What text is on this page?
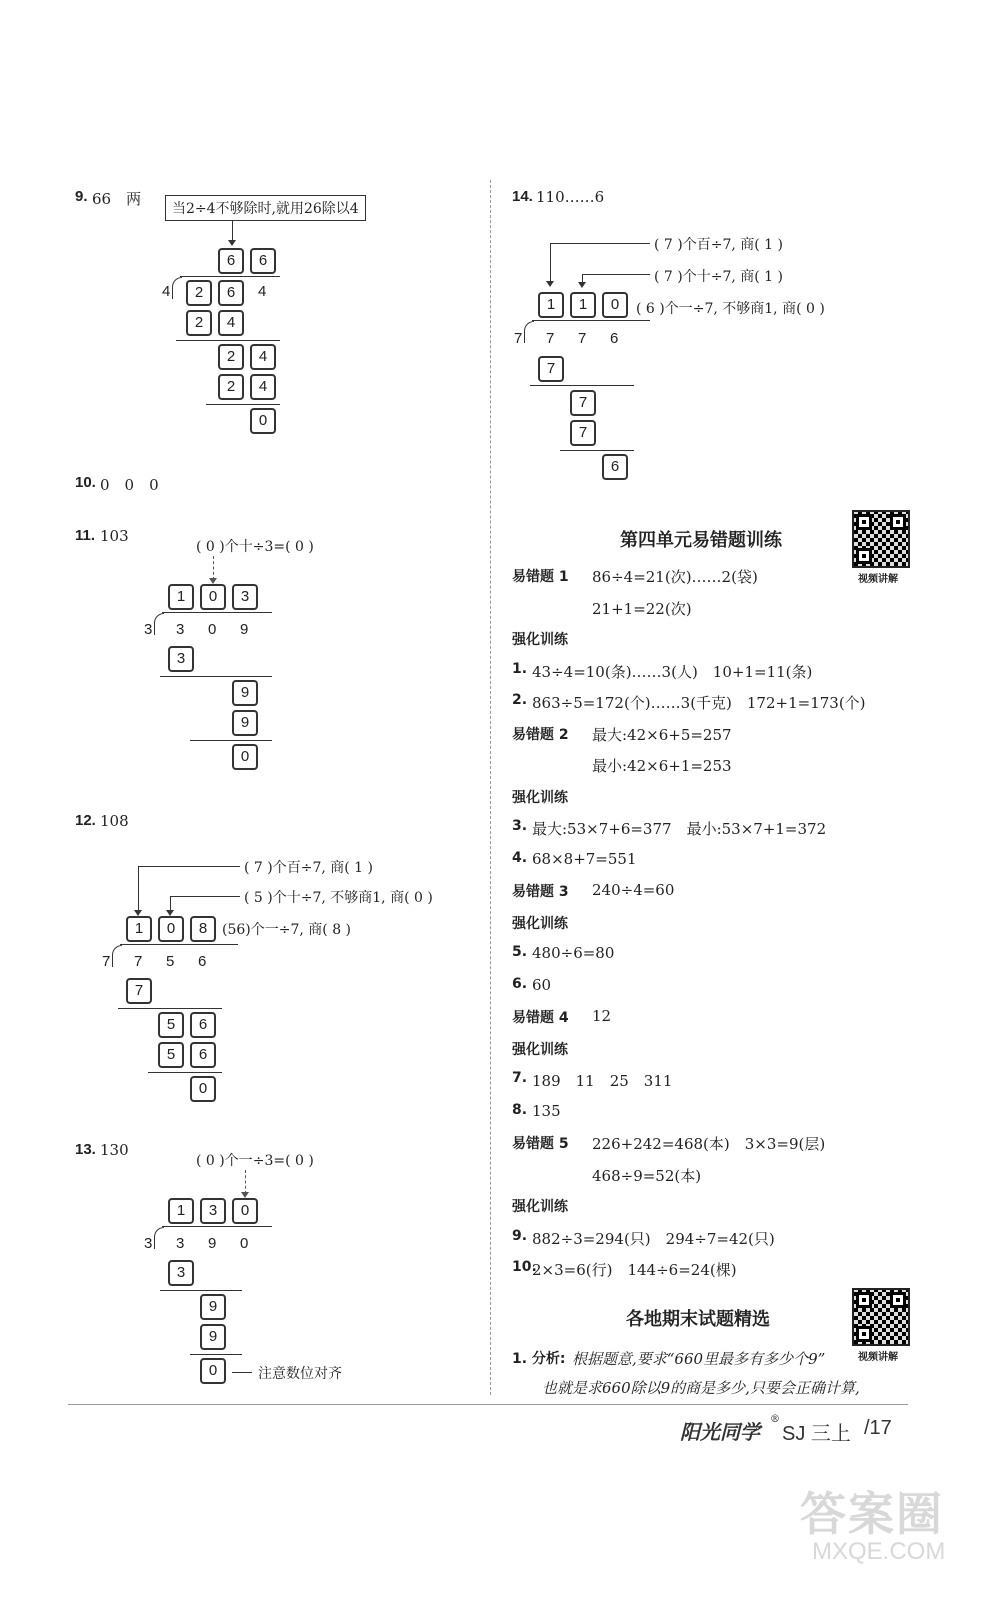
9. 66　两
当2÷4不够除时,就用26除以4
6	6
4	2	6	4
2	4
2	4
2	4
0
10. 0　0　0
11. 103
( 0 )个十÷3=( 0 )
1	0	3
3 3 0 9
3
9
9
0
12. 108
( 7 )个百÷7, 商( 1 )
( 5 )个十÷7, 不够商1, 商( 0 )
1	0	8	(56)个一÷7, 商( 8 )
7 7 5 6
7
5	6
5	6
0
13. 130
( 0 )个一÷3=( 0 )
1	3	0
3 3 9 0
3
9
9
0	注意数位对齐
14. 110……6
( 7 )个百÷7, 商( 1 )
( 7 )个十÷7, 商( 1 )
1	1	0	( 6 )个一÷7, 不够商1, 商( 0 )
7 7 7 6
7
7
7
6
第四单元易错题训练
视频讲解
易错题 1 86÷4=21(次)……2(袋)
21+1=22(次)
强化训练
1. 43÷4=10(条)……3(人)　10+1=11(条)
2. 863÷5=172(个)……3(千克)　172+1=173(个)
易错题 2 最大:42×6+5=257
最小:42×6+1=253
强化训练
3. 最大:53×7+6=377　最小:53×7+1=372
4. 68×8+7=551
易错题 3 240÷4=60
强化训练
5. 480÷6=80
6. 60
易错题 4 12
强化训练
7. 189　11　25　311
8. 135
易错题 5 226+242=468(本)　3×3=9(层)
468÷9=52(本)
强化训练
9. 882÷3=294(只)　294÷7=42(只)
10.
2×3=6(行)　144÷6=24(棵)
各地期末试题精选
视频讲解
1. 分析: 根据题意,要求“660里最多有多少个9”
也就是求660除以9的商是多少,只要会正确计算,
阳光同学
®
SJ 三上 /17
答案圈
MXQE.COM
